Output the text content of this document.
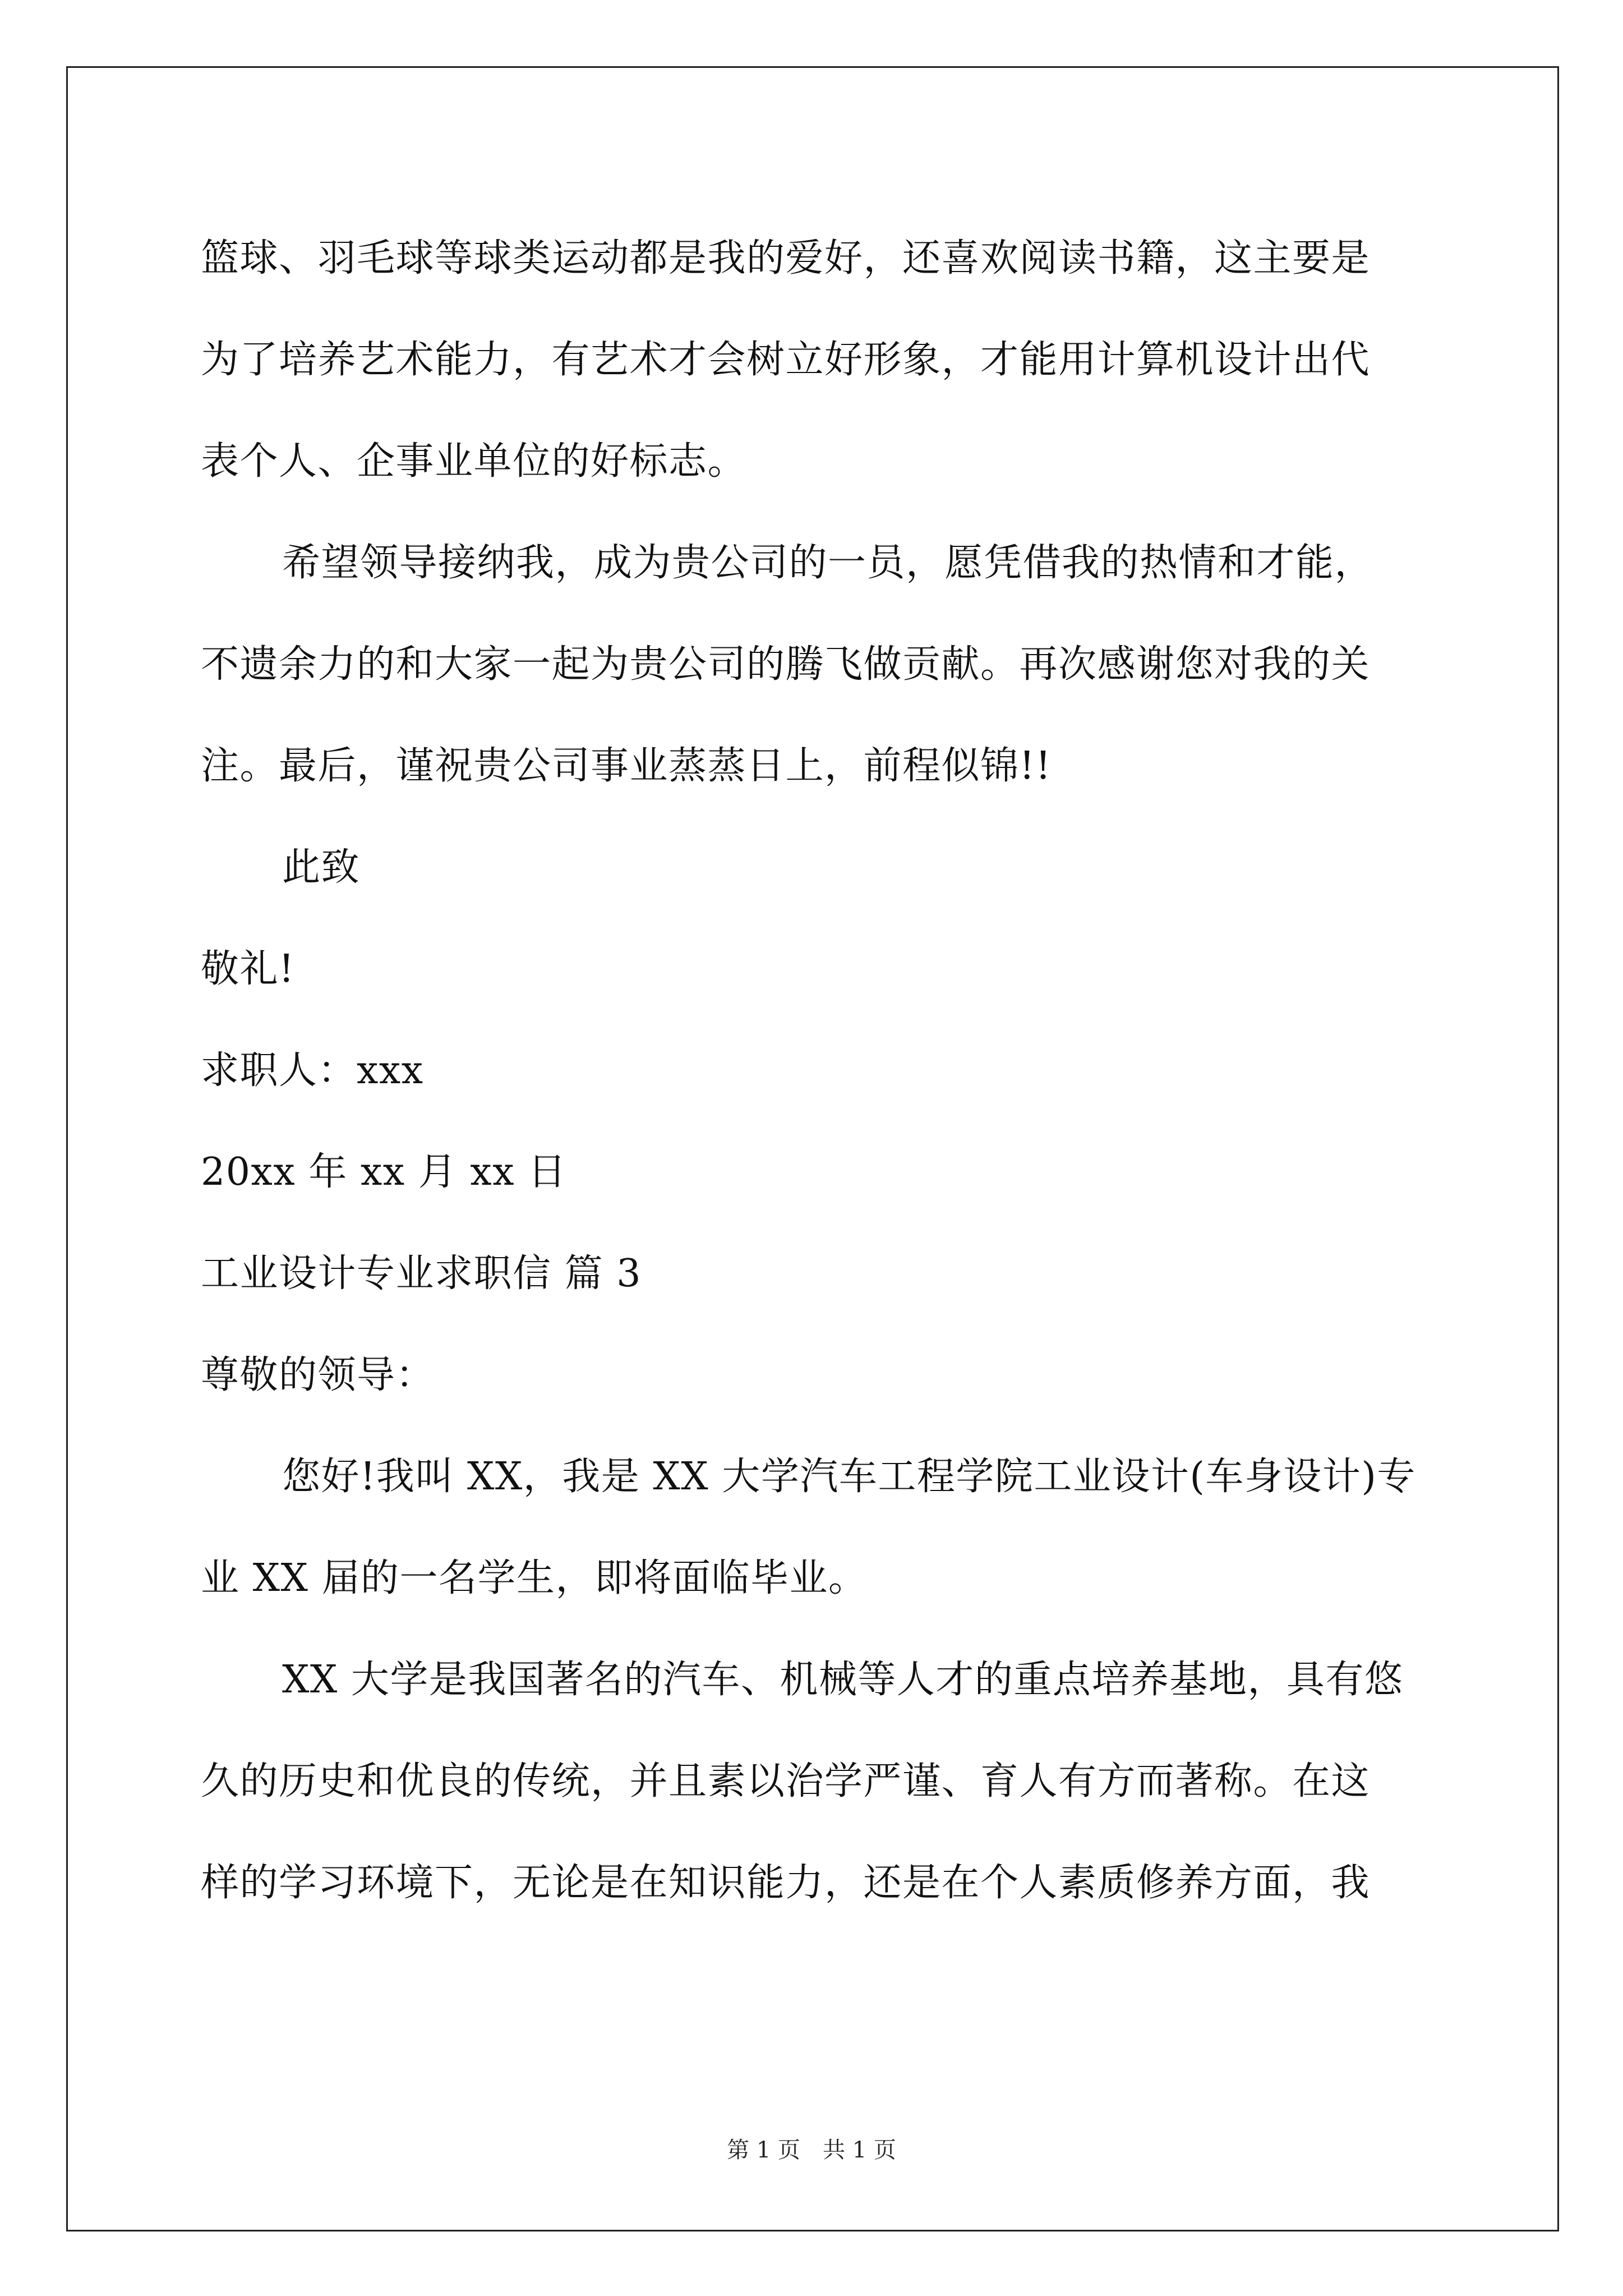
篮球、羽毛球等球类运动都是我的爱好，还喜欢阅读书籍，这主要是
为了培养艺术能力，有艺术才会树立好形象，才能用计算机设计出代
表个人、企事业单位的好标志。
希望领导接纳我，成为贵公司的一员，愿凭借我的热情和才能，
不遗余力的和大家一起为贵公司的腾飞做贡献。再次感谢您对我的关
注。最后，谨祝贵公司事业蒸蒸日上，前程似锦!!
此致
敬礼!
求职人：xxx
20xx 年 xx 月 xx 日
工业设计专业求职信 篇 3
尊敬的领导：
您好!我叫 XX，我是 XX 大学汽车工程学院工业设计(车身设计)专
业 XX 届的一名学生，即将面临毕业。
XX 大学是我国著名的汽车、机械等人才的重点培养基地，具有悠
久的历史和优良的传统，并且素以治学严谨、育人有方而著称。在这
样的学习环境下，无论是在知识能力，还是在个人素质修养方面，我
第 1 页　共 1 页
